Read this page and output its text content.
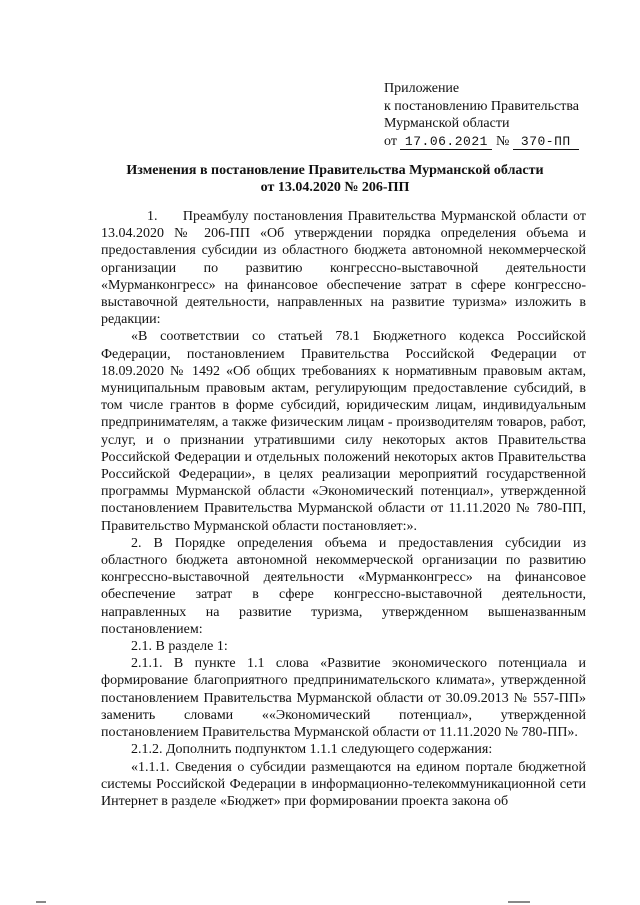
Приложение
к постановлению Правительства
Мурманской области
от 17.06.2021 № 370-ПП
Изменения в постановление Правительства Мурманской области
от 13.04.2020 № 206-ПП

1.     Преамбулу постановления Правительства Мурманской области от 13.04.2020 № 206-ПП «Об утверждении порядка определения объема и предоставления субсидии из областного бюджета автономной некоммерческой организации по развитию конгрессно-выставочной деятельности «Мурманконгресс» на финансовое обеспечение затрат в сфере конгрессно-выставочной деятельности, направленных на развитие туризма» изложить в редакции:

«В соответствии со статьей 78.1 Бюджетного кодекса Российской Федерации, постановлением Правительства Российской Федерации от 18.09.2020 № 1492 «Об общих требованиях к нормативным правовым актам, муниципальным правовым актам, регулирующим предоставление субсидий, в том числе грантов в форме субсидий, юридическим лицам, индивидуальным предпринимателям, а также физическим лицам - производителям товаров, работ, услуг, и о признании утратившими силу некоторых актов Правительства Российской Федерации и отдельных положений некоторых актов Правительства Российской Федерации», в целях реализации мероприятий государственной программы Мурманской области «Экономический потенциал», утвержденной постановлением Правительства Мурманской области от 11.11.2020 № 780-ПП, Правительство Мурманской области постановляет:».

2. В Порядке определения объема и предоставления субсидии из областного бюджета автономной некоммерческой организации по развитию конгрессно-выставочной деятельности «Мурманконгресс» на финансовое обеспечение затрат в сфере конгрессно-выставочной деятельности, направленных на развитие туризма, утвержденном вышеназванным постановлением:

2.1. В разделе 1:

2.1.1. В пункте 1.1 слова «Развитие экономического потенциала и формирование благоприятного предпринимательского климата», утвержденной постановлением Правительства Мурманской области от 30.09.2013 № 557-ПП» заменить словами ««Экономический потенциал», утвержденной постановлением Правительства Мурманской области от 11.11.2020 № 780-ПП».

2.1.2. Дополнить подпунктом 1.1.1 следующего содержания:

«1.1.1. Сведения о субсидии размещаются на едином портале бюджетной системы Российской Федерации в информационно-телекоммуникационной сети Интернет в разделе «Бюджет» при формировании проекта закона об
